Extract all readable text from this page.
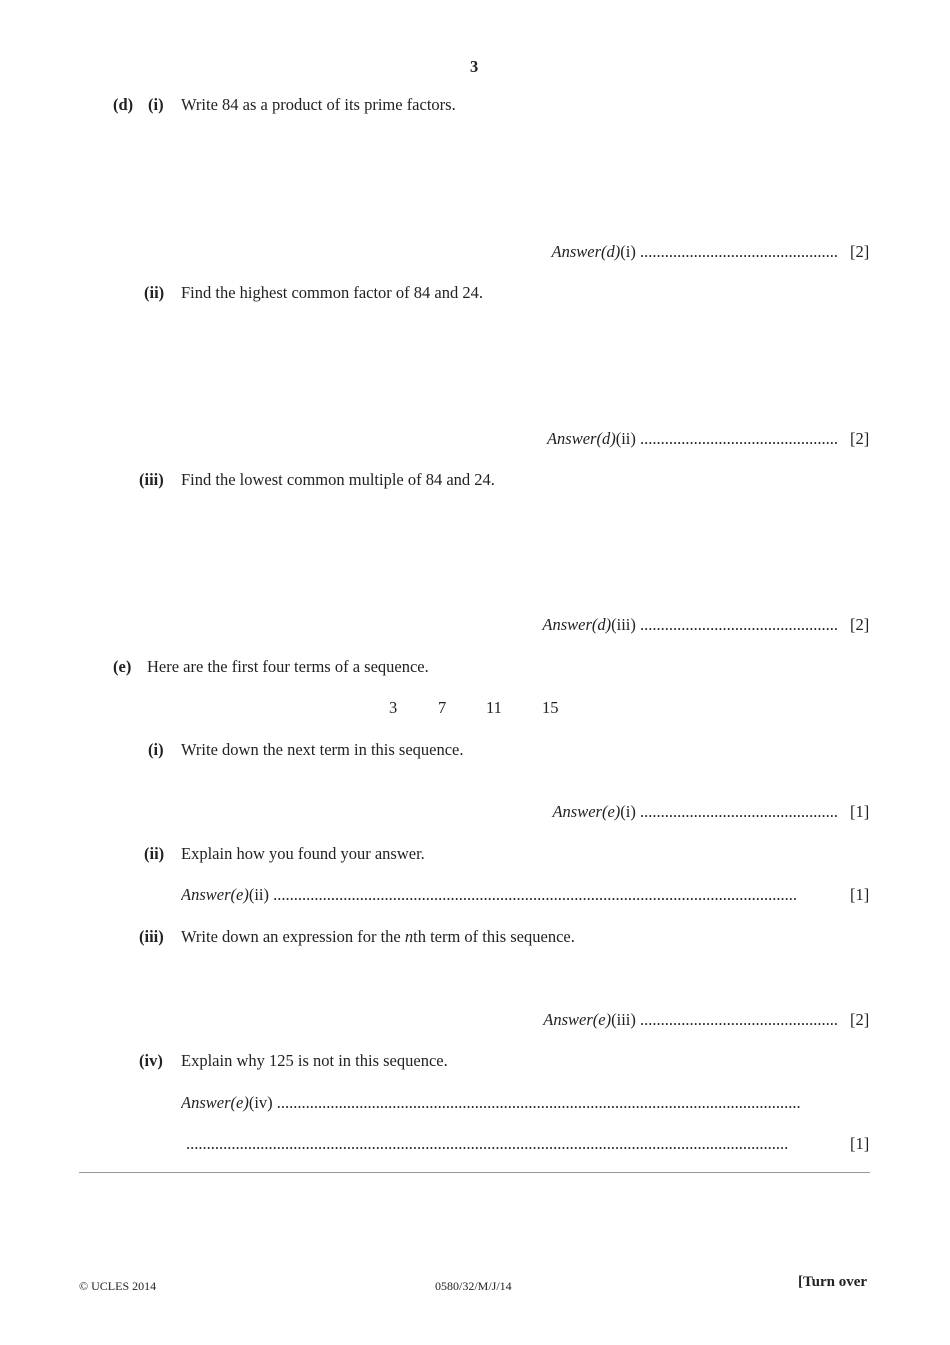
3
(d) (i) Write 84 as a product of its prime factors.
Answer(d)(i) ................................................ [2]
(ii) Find the highest common factor of 84 and 24.
Answer(d)(ii) ................................................ [2]
(iii) Find the lowest common multiple of 84 and 24.
Answer(d)(iii) ................................................ [2]
(e) Here are the first four terms of a sequence.
3 7 11 15
(i) Write down the next term in this sequence.
Answer(e)(i) ................................................ [1]
(ii) Explain how you found your answer.
Answer(e)(ii) ...............................................................................................................................	[1]
(iii) Write down an expression for the nth term of this sequence.
Answer(e)(iii) ................................................ [2]
(iv) Explain why 125 is not in this sequence.
Answer(e)(iv) ...............................................................................................................................
..................................................................................................................................................	[1]
© UCLES 2014	0580/32/M/J/14	[Turn over
